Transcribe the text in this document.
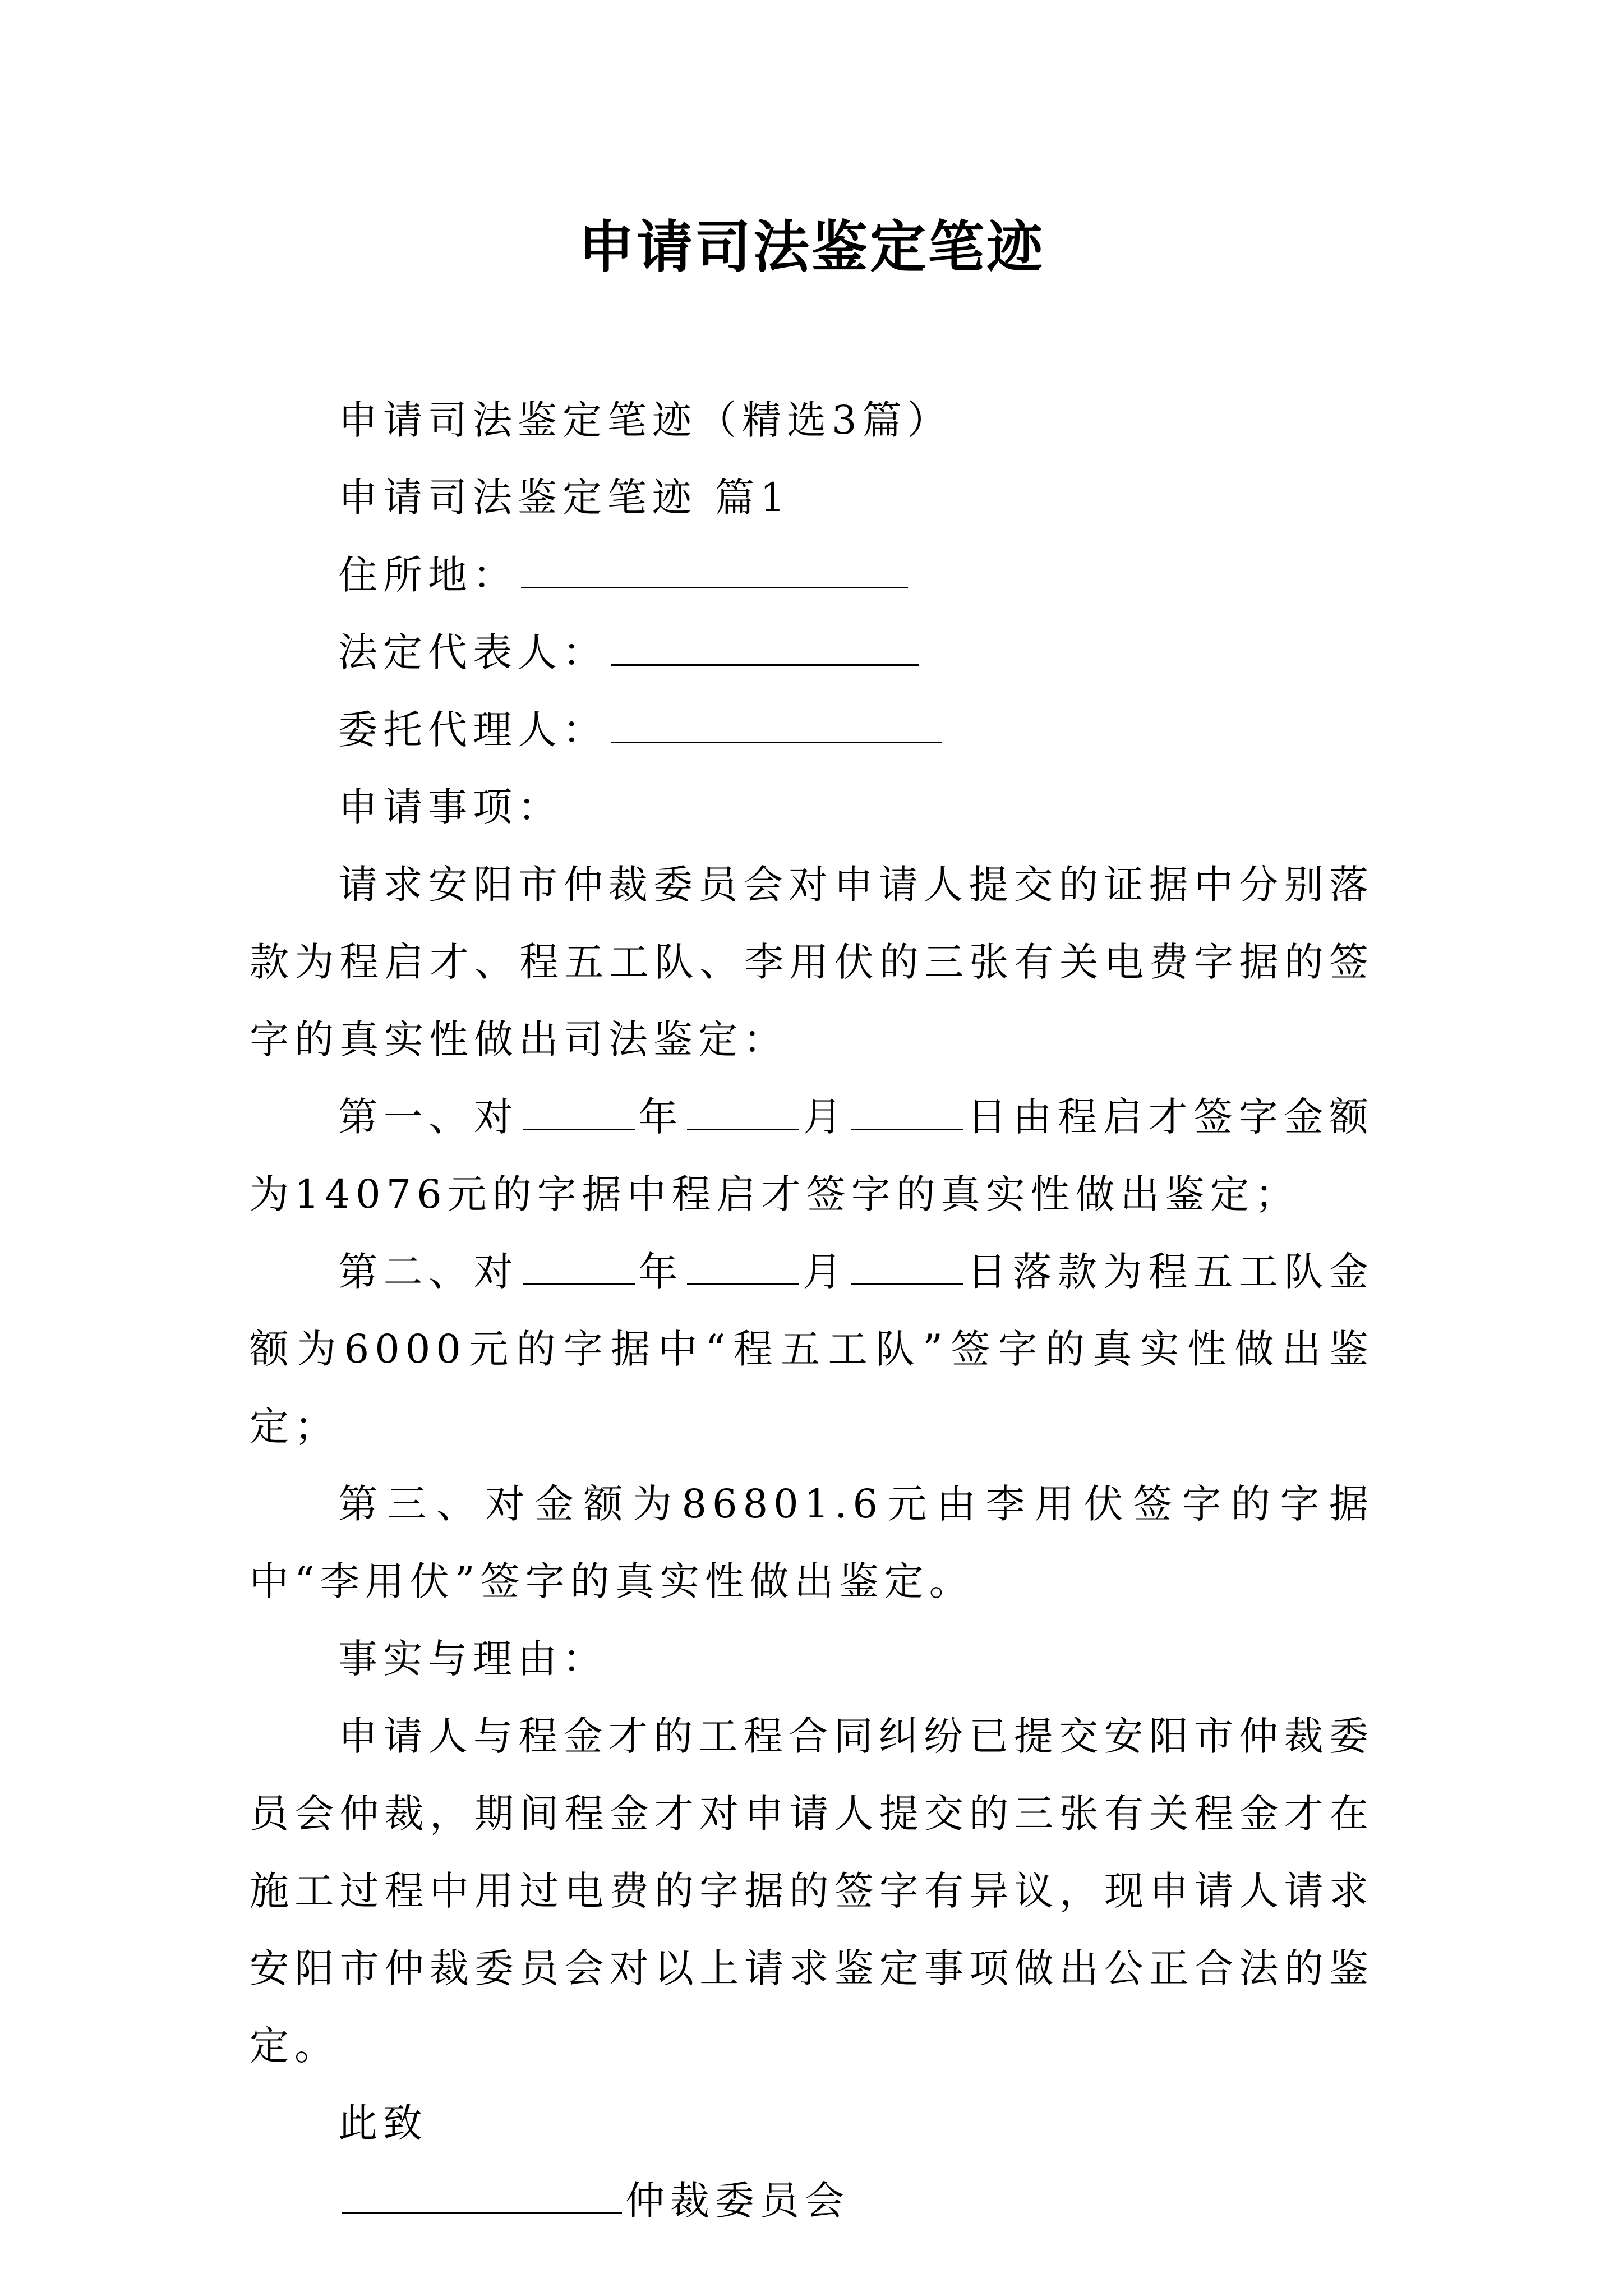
申请司法鉴定笔迹
申请司法鉴定笔迹（精选3篇）
申请司法鉴定笔迹 篇1
住所地：
法定代表人：
委托代理人：
申请事项：

请求安阳市仲裁委员会对申请人提交的证据中分别落款为程启才、程五工队、李用伏的三张有关电费字据的签字的真实性做出司法鉴定：

第一、对	年	月	日由程启才签字金额为14076元的字据中程启才签字的真实性做出鉴定；

第二、对	年	月	日落款为程五工队金额为6000元的字据中“程五工队”签字的真实性做出鉴定；

第三、对金额为86801.6元由李用伏签字的字据中“李用伏”签字的真实性做出鉴定。

事实与理由：

申请人与程金才的工程合同纠纷已提交安阳市仲裁委员会仲裁，期间程金才对申请人提交的三张有关程金才在施工过程中用过电费的字据的签字有异议，现申请人请求安阳市仲裁委员会对以上请求鉴定事项做出公正合法的鉴定。

此致
仲裁委员会
